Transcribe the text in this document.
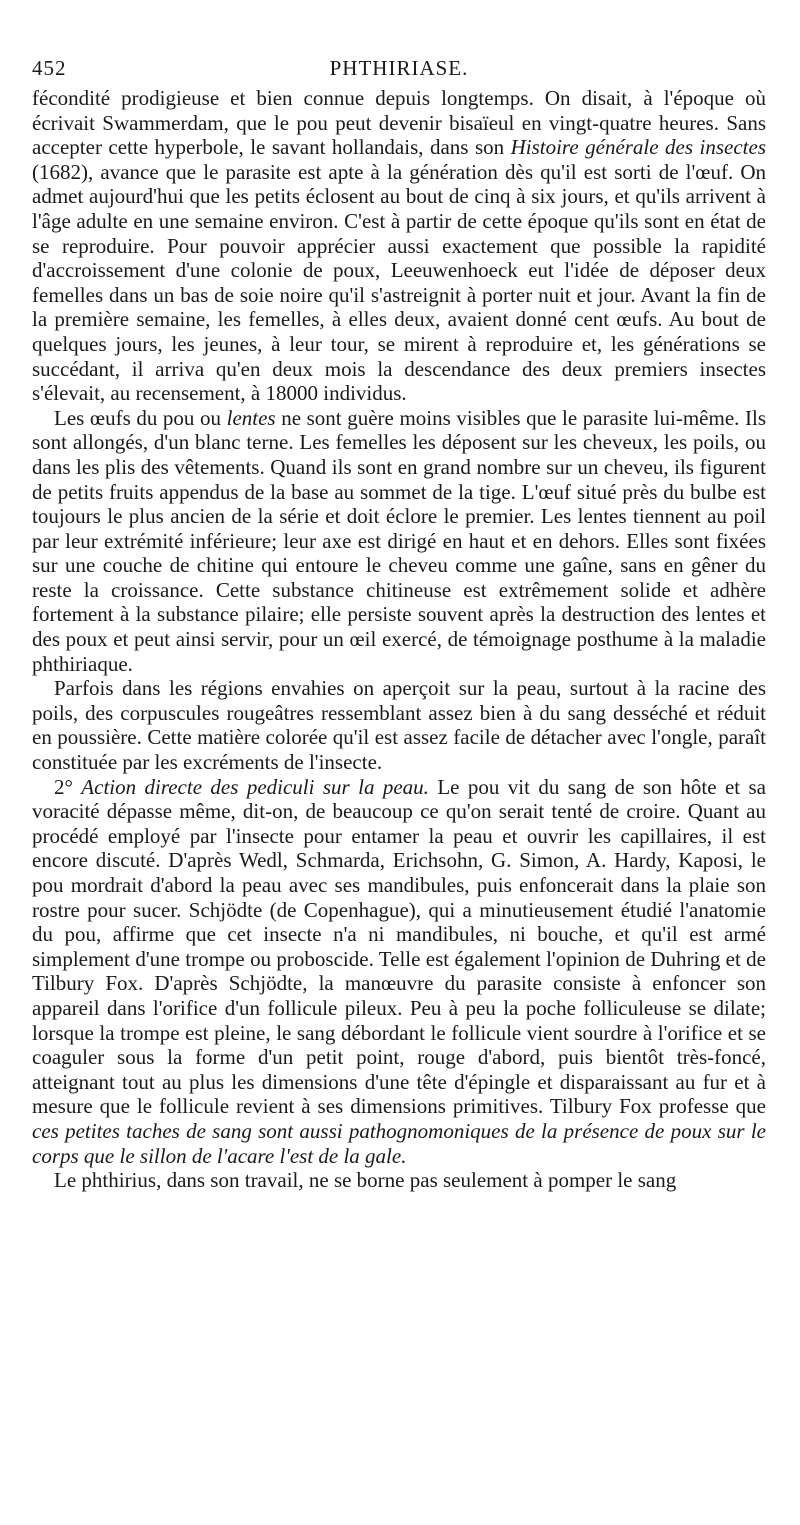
452	PHTHIRIASE.

fécondité prodigieuse et bien connue depuis longtemps. On disait, à l'époque où écrivait Swammerdam, que le pou peut devenir bisaïeul en vingt-quatre heures. Sans accepter cette hyperbole, le savant hollandais, dans son Histoire générale des insectes (1682), avance que le parasite est apte à la génération dès qu'il est sorti de l'œuf. On admet aujourd'hui que les petits éclosent au bout de cinq à six jours, et qu'ils arrivent à l'âge adulte en une semaine environ. C'est à partir de cette époque qu'ils sont en état de se reproduire. Pour pouvoir apprécier aussi exactement que possible la rapidité d'accroissement d'une colonie de poux, Leeuwenhoeck eut l'idée de déposer deux femelles dans un bas de soie noire qu'il s'astreignit à porter nuit et jour. Avant la fin de la première semaine, les femelles, à elles deux, avaient donné cent œufs. Au bout de quelques jours, les jeunes, à leur tour, se mirent à reproduire et, les générations se succédant, il arriva qu'en deux mois la descendance des deux premiers insectes s'élevait, au recensement, à 18000 individus.

Les œufs du pou ou lentes ne sont guère moins visibles que le parasite lui-même. Ils sont allongés, d'un blanc terne. Les femelles les déposent sur les cheveux, les poils, ou dans les plis des vêtements. Quand ils sont en grand nombre sur un cheveu, ils figurent de petits fruits appendus de la base au sommet de la tige. L'œuf situé près du bulbe est toujours le plus ancien de la série et doit éclore le premier. Les lentes tiennent au poil par leur extrémité inférieure; leur axe est dirigé en haut et en dehors. Elles sont fixées sur une couche de chitine qui entoure le cheveu comme une gaîne, sans en gêner du reste la croissance. Cette substance chitineuse est extrêmement solide et adhère fortement à la substance pilaire; elle persiste souvent après la destruction des lentes et des poux et peut ainsi servir, pour un œil exercé, de témoignage posthume à la maladie phthiriaque.

Parfois dans les régions envahies on aperçoit sur la peau, surtout à la racine des poils, des corpuscules rougeâtres ressemblant assez bien à du sang desséché et réduit en poussière. Cette matière colorée qu'il est assez facile de détacher avec l'ongle, paraît constituée par les excréments de l'insecte.

2° Action directe des pediculi sur la peau. Le pou vit du sang de son hôte et sa voracité dépasse même, dit-on, de beaucoup ce qu'on serait tenté de croire. Quant au procédé employé par l'insecte pour entamer la peau et ouvrir les capillaires, il est encore discuté. D'après Wedl, Schmarda, Erichsohn, G. Simon, A. Hardy, Kaposi, le pou mordrait d'abord la peau avec ses mandibules, puis enfoncerait dans la plaie son rostre pour sucer. Schjödte (de Copenhague), qui a minutieusement étudié l'anatomie du pou, affirme que cet insecte n'a ni mandibules, ni bouche, et qu'il est armé simplement d'une trompe ou proboscide. Telle est également l'opinion de Duhring et de Tilbury Fox. D'après Schjödte, la manœuvre du parasite consiste à enfoncer son appareil dans l'orifice d'un follicule pileux. Peu à peu la poche folliculeuse se dilate; lorsque la trompe est pleine, le sang débordant le follicule vient sourdre à l'orifice et se coaguler sous la forme d'un petit point, rouge d'abord, puis bientôt très-foncé, atteignant tout au plus les dimensions d'une tête d'épingle et disparaissant au fur et à mesure que le follicule revient à ses dimensions primitives. Tilbury Fox professe que ces petites taches de sang sont aussi pathognomoniques de la présence de poux sur le corps que le sillon de l'acare l'est de la gale.

Le phthirius, dans son travail, ne se borne pas seulement à pomper le sang
